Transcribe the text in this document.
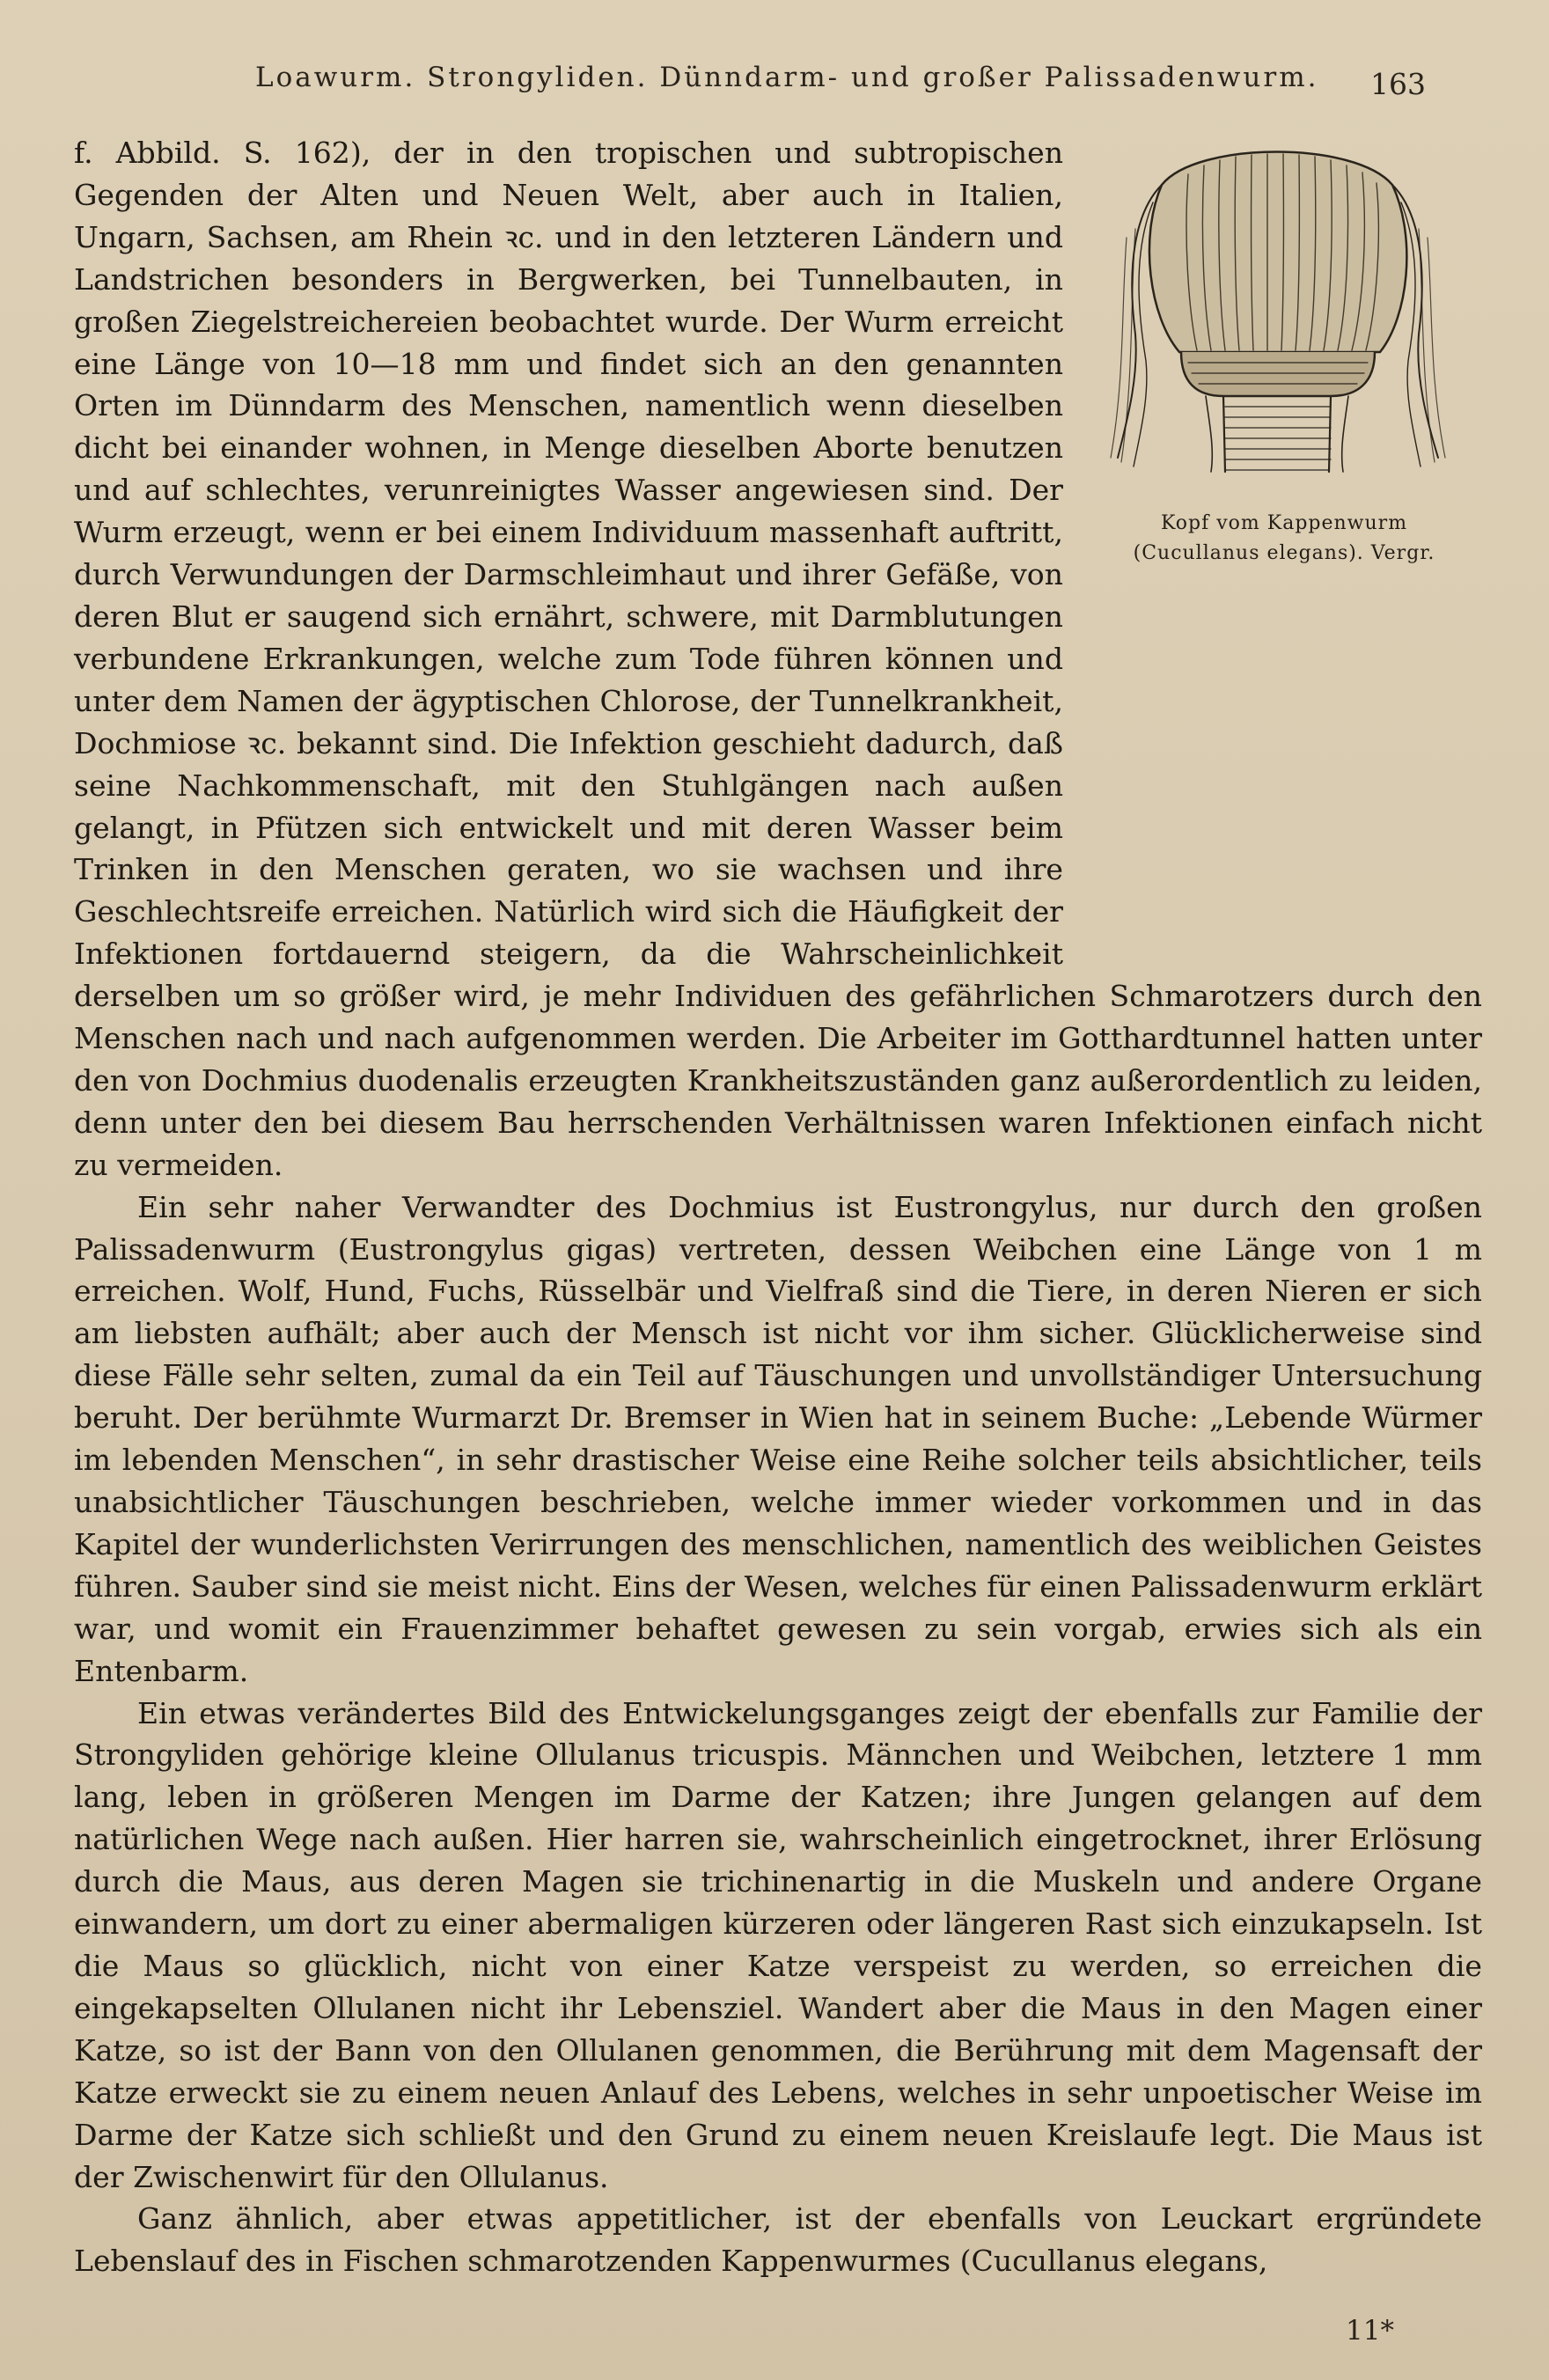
Loawurm. Strongyliden. Dünndarm- und großer Palissadenwurm. 163
Kopf vom Kappenwurm
(Cucullanus elegans). Vergr.

f. Abbild. S. 162), der in den tropischen und subtropischen Gegenden der Alten und Neuen Welt, aber auch in Italien, Ungarn, Sachsen, am Rhein ꝛc. und in den letzteren Ländern und Landstrichen besonders in Bergwerken, bei Tunnelbauten, in großen Ziegelstreichereien beobachtet wurde. Der Wurm erreicht eine Länge von 10—18 mm und findet sich an den genannten Orten im Dünndarm des Menschen, namentlich wenn dieselben dicht bei einander wohnen, in Menge dieselben Aborte benutzen und auf schlechtes, verunreinigtes Wasser angewiesen sind. Der Wurm erzeugt, wenn er bei einem Individuum massenhaft auftritt, durch Verwundungen der Darmschleimhaut und ihrer Gefäße, von deren Blut er saugend sich ernährt, schwere, mit Darmblutungen verbundene Erkrankungen, welche zum Tode führen können und unter dem Namen der ägyptischen Chlorose, der Tunnelkrankheit, Dochmiose ꝛc. bekannt sind. Die Infektion geschieht dadurch, daß seine Nachkommenschaft, mit den Stuhlgängen nach außen gelangt, in Pfützen sich entwickelt und mit deren Wasser beim Trinken in den Menschen geraten, wo sie wachsen und ihre Geschlechtsreife erreichen. Natürlich wird sich die Häufigkeit der Infektionen fortdauernd steigern, da die Wahrscheinlichkeit derselben um so größer wird, je mehr Individuen des gefährlichen Schmarotzers durch den Menschen nach und nach aufgenommen werden. Die Arbeiter im Gotthardtunnel hatten unter den von Dochmius duodenalis erzeugten Krankheitszuständen ganz außerordentlich zu leiden, denn unter den bei diesem Bau herrschenden Verhältnissen waren Infektionen einfach nicht zu vermeiden.

Ein sehr naher Verwandter des Dochmius ist Eustrongylus, nur durch den großen Palissadenwurm (Eustrongylus gigas) vertreten, dessen Weibchen eine Länge von 1 m erreichen. Wolf, Hund, Fuchs, Rüsselbär und Vielfraß sind die Tiere, in deren Nieren er sich am liebsten aufhält; aber auch der Mensch ist nicht vor ihm sicher. Glücklicherweise sind diese Fälle sehr selten, zumal da ein Teil auf Täuschungen und unvollständiger Untersuchung beruht. Der berühmte Wurmarzt Dr. Bremser in Wien hat in seinem Buche: „Lebende Würmer im lebenden Menschen“, in sehr drastischer Weise eine Reihe solcher teils absichtlicher, teils unabsichtlicher Täuschungen beschrieben, welche immer wieder vorkommen und in das Kapitel der wunderlichsten Verirrungen des menschlichen, namentlich des weiblichen Geistes führen. Sauber sind sie meist nicht. Eins der Wesen, welches für einen Palissadenwurm erklärt war, und womit ein Frauenzimmer behaftet gewesen zu sein vorgab, erwies sich als ein Entenbarm.

Ein etwas verändertes Bild des Entwickelungsganges zeigt der ebenfalls zur Familie der Strongyliden gehörige kleine Ollulanus tricuspis. Männchen und Weibchen, letztere 1 mm lang, leben in größeren Mengen im Darme der Katzen; ihre Jungen gelangen auf dem natürlichen Wege nach außen. Hier harren sie, wahrscheinlich eingetrocknet, ihrer Erlösung durch die Maus, aus deren Magen sie trichinenartig in die Muskeln und andere Organe einwandern, um dort zu einer abermaligen kürzeren oder längeren Rast sich einzukapseln. Ist die Maus so glücklich, nicht von einer Katze verspeist zu werden, so erreichen die eingekapselten Ollulanen nicht ihr Lebensziel. Wandert aber die Maus in den Magen einer Katze, so ist der Bann von den Ollulanen genommen, die Berührung mit dem Magensaft der Katze erweckt sie zu einem neuen Anlauf des Lebens, welches in sehr unpoetischer Weise im Darme der Katze sich schließt und den Grund zu einem neuen Kreislaufe legt. Die Maus ist der Zwischenwirt für den Ollulanus.

Ganz ähnlich, aber etwas appetitlicher, ist der ebenfalls von Leuckart ergründete Lebenslauf des in Fischen schmarotzenden Kappenwurmes (Cucullanus elegans,

11*
